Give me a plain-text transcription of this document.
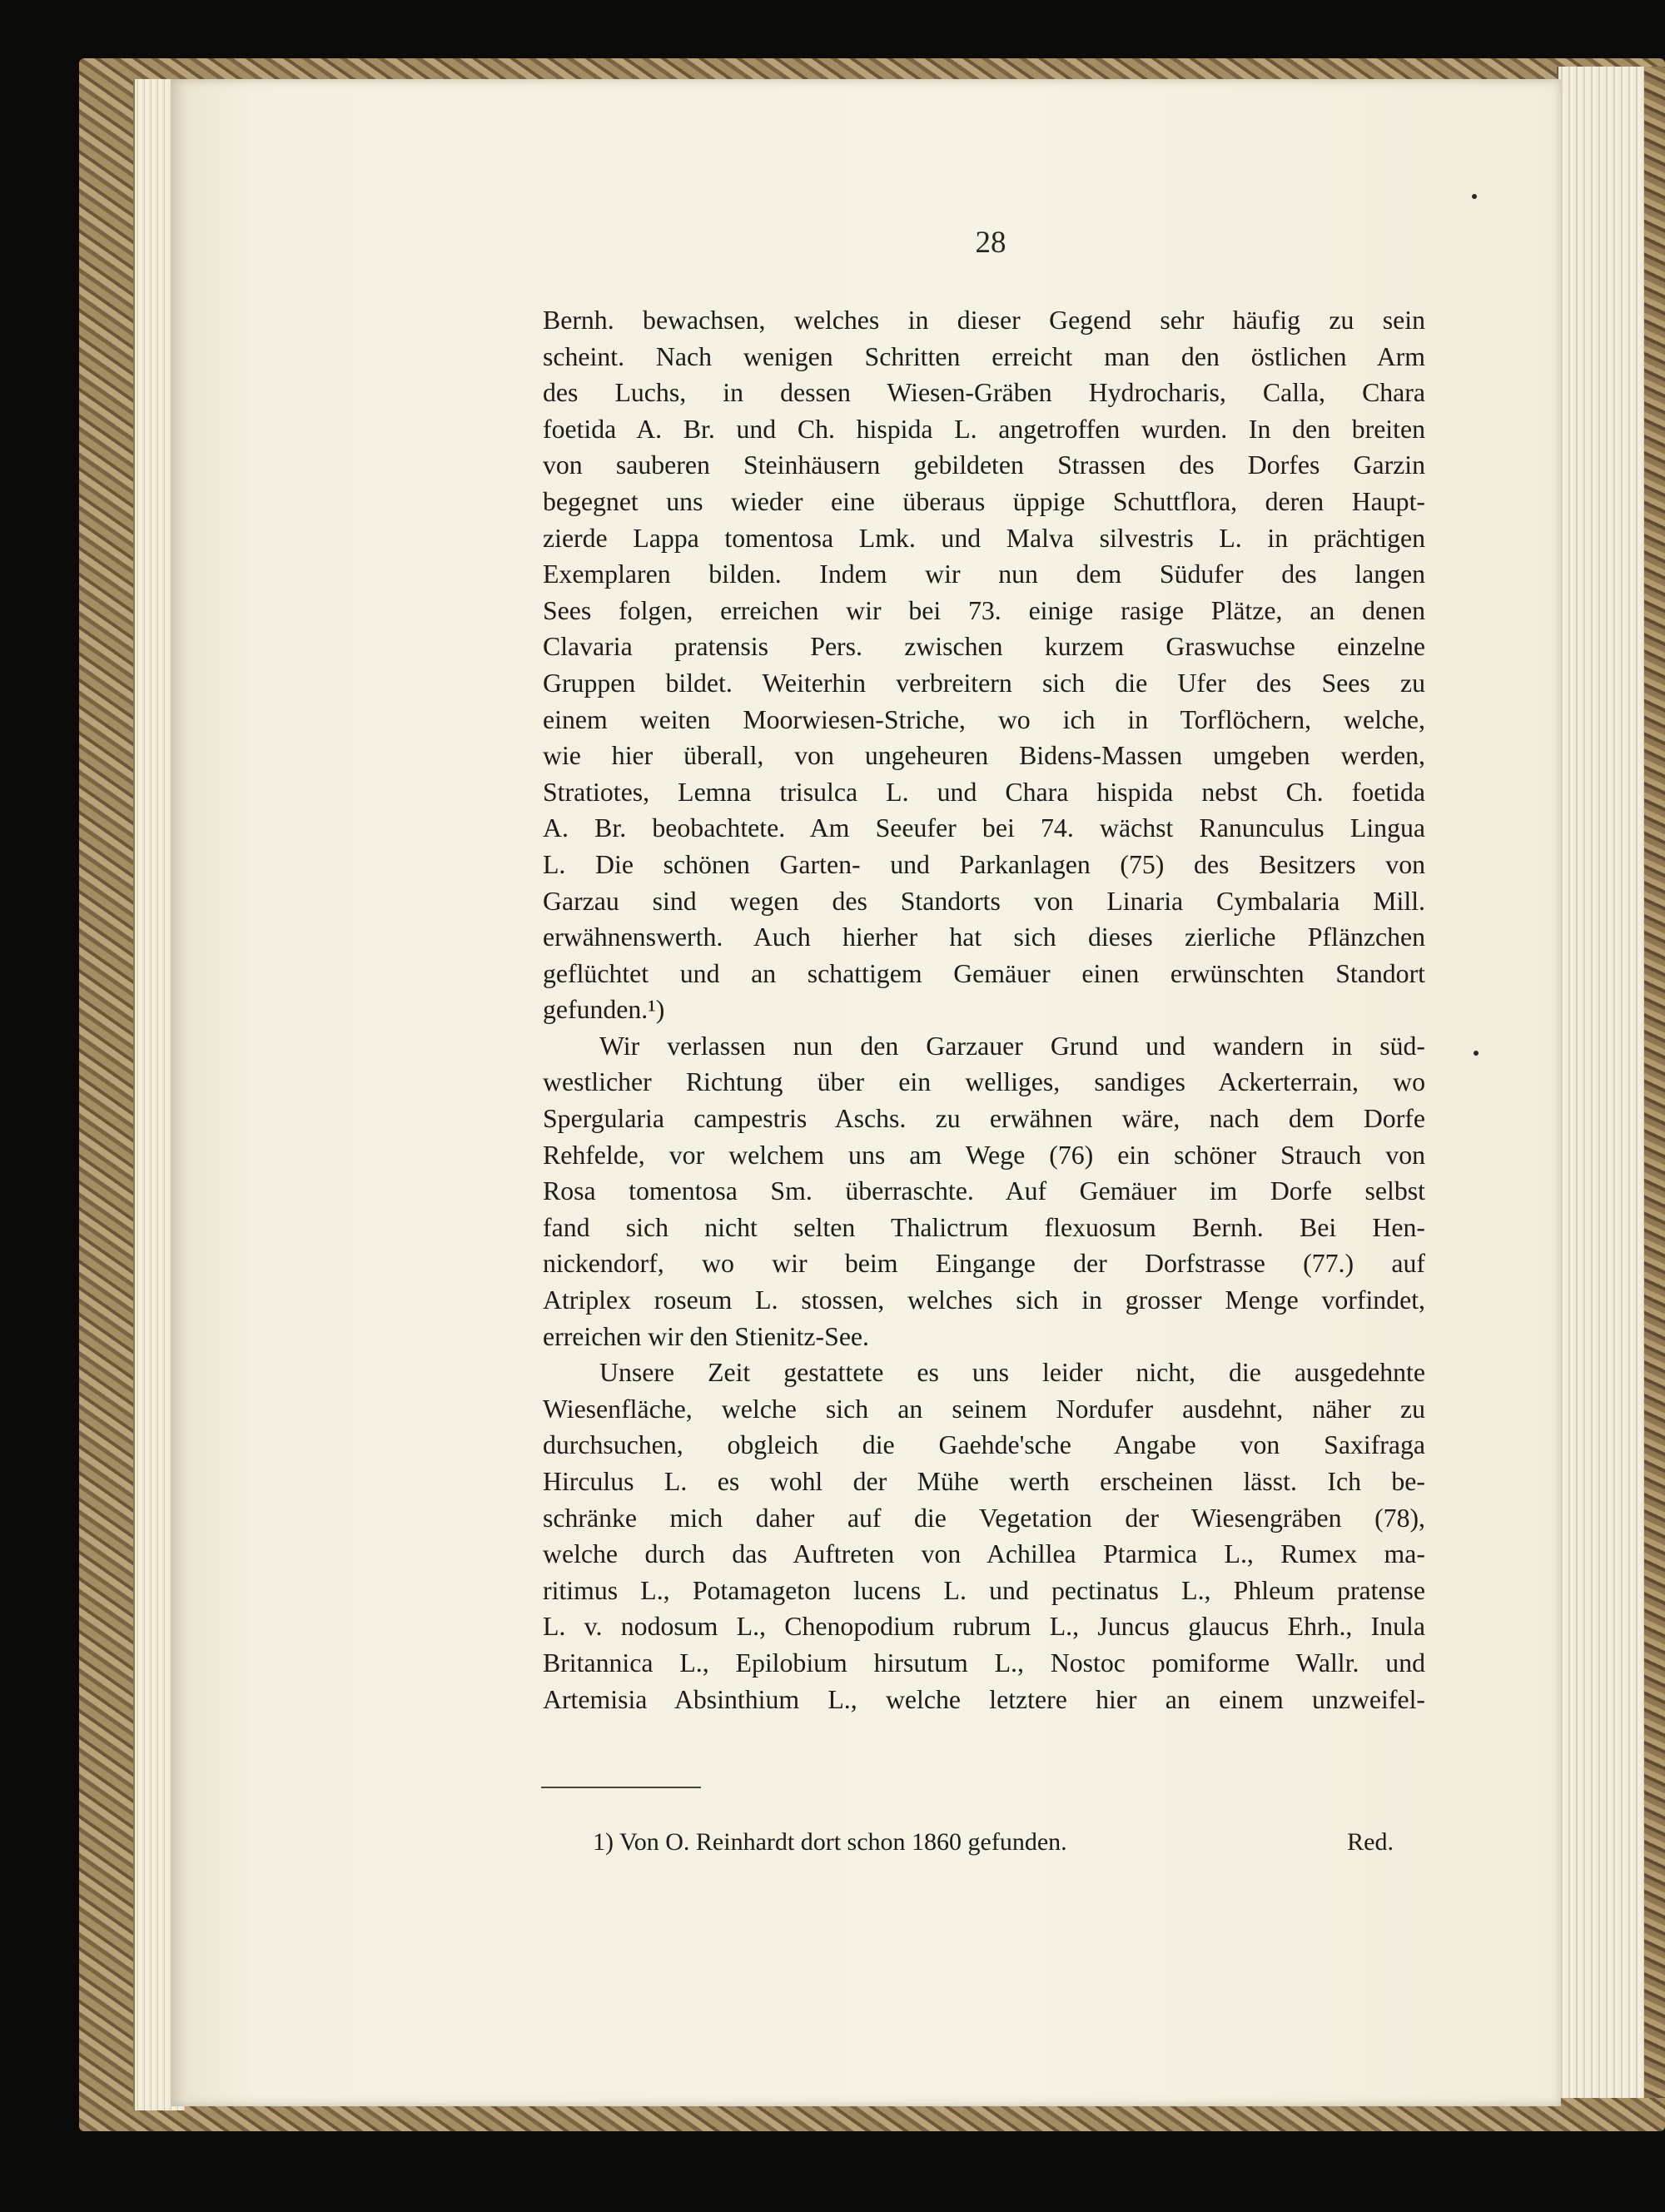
28
Bernh. bewachsen, welches in dieser Gegend sehr häufig zu sein
scheint. Nach wenigen Schritten erreicht man den östlichen Arm
des Luchs, in dessen Wiesen-Gräben Hydrocharis, Calla, Chara
foetida A. Br. und Ch. hispida L. angetroffen wurden. In den breiten
von sauberen Steinhäusern gebildeten Strassen des Dorfes Garzin
begegnet uns wieder eine überaus üppige Schuttflora, deren Haupt-
zierde Lappa tomentosa Lmk. und Malva silvestris L. in prächtigen
Exemplaren bilden. Indem wir nun dem Südufer des langen
Sees folgen, erreichen wir bei 73. einige rasige Plätze, an denen
Clavaria pratensis Pers. zwischen kurzem Graswuchse einzelne
Gruppen bildet. Weiterhin verbreitern sich die Ufer des Sees zu
einem weiten Moorwiesen-Striche, wo ich in Torflöchern, welche,
wie hier überall, von ungeheuren Bidens-Massen umgeben werden,
Stratiotes, Lemna trisulca L. und Chara hispida nebst Ch. foetida
A. Br. beobachtete. Am Seeufer bei 74. wächst Ranunculus Lingua
L. Die schönen Garten- und Parkanlagen (75) des Besitzers von
Garzau sind wegen des Standorts von Linaria Cymbalaria Mill.
erwähnenswerth. Auch hierher hat sich dieses zierliche Pflänzchen
geflüchtet und an schattigem Gemäuer einen erwünschten Standort
gefunden.¹)
Wir verlassen nun den Garzauer Grund und wandern in süd-
westlicher Richtung über ein welliges, sandiges Ackerterrain, wo
Spergularia campestris Aschs. zu erwähnen wäre, nach dem Dorfe
Rehfelde, vor welchem uns am Wege (76) ein schöner Strauch von
Rosa tomentosa Sm. überraschte. Auf Gemäuer im Dorfe selbst
fand sich nicht selten Thalictrum flexuosum Bernh. Bei Hen-
nickendorf, wo wir beim Eingange der Dorfstrasse (77.) auf
Atriplex roseum L. stossen, welches sich in grosser Menge vorfindet,
erreichen wir den Stienitz-See.
Unsere Zeit gestattete es uns leider nicht, die ausgedehnte
Wiesenfläche, welche sich an seinem Nordufer ausdehnt, näher zu
durchsuchen, obgleich die Gaehde'sche Angabe von Saxifraga
Hirculus L. es wohl der Mühe werth erscheinen lässt. Ich be-
schränke mich daher auf die Vegetation der Wiesengräben (78),
welche durch das Auftreten von Achillea Ptarmica L., Rumex ma-
ritimus L., Potamageton lucens L. und pectinatus L., Phleum pratense
L. v. nodosum L., Chenopodium rubrum L., Juncus glaucus Ehrh., Inula
Britannica L., Epilobium hirsutum L., Nostoc pomiforme Wallr. und
Artemisia Absinthium L., welche letztere hier an einem unzweifel-
1) Von O. Reinhardt dort schon 1860 gefunden.	Red.
